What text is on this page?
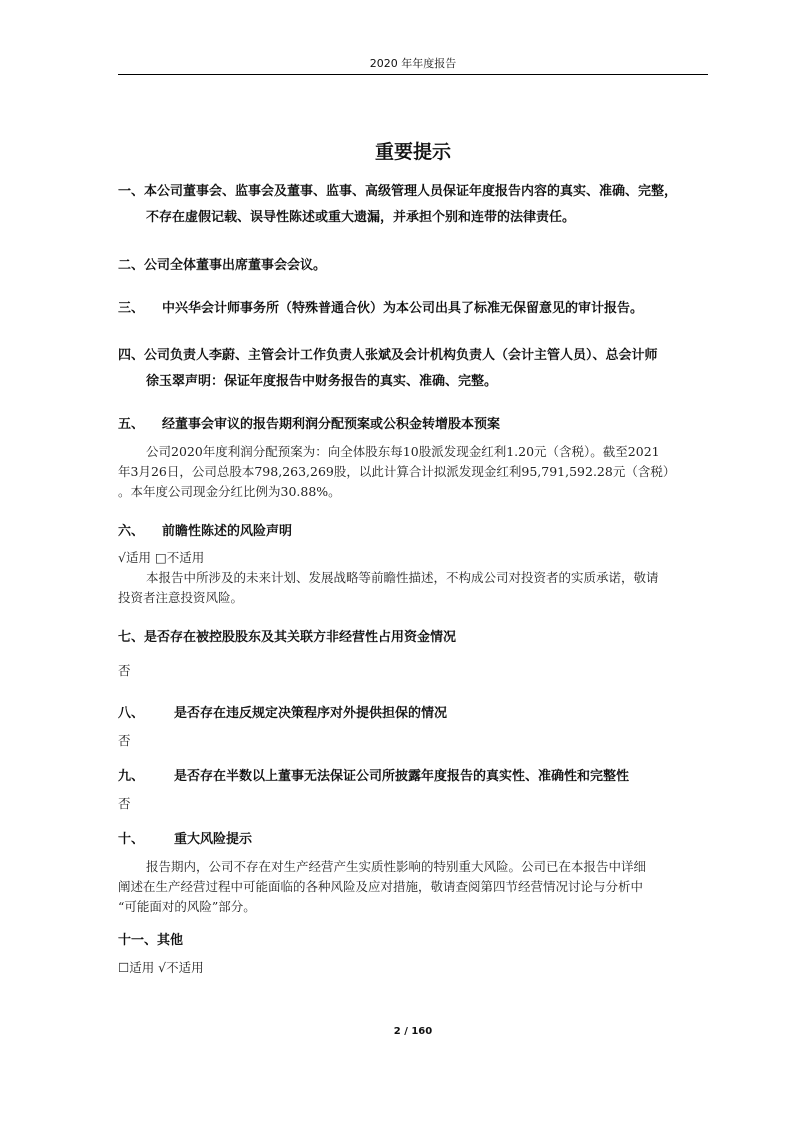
2020 年年度报告
重要提示
一、本公司董事会、监事会及董事、监事、高级管理人员保证年度报告内容的真实、准确、完整，
不存在虚假记载、误导性陈述或重大遗漏，并承担个别和连带的法律责任。
二、公司全体董事出席董事会会议。
三、 中兴华会计师事务所（特殊普通合伙）为本公司出具了标准无保留意见的审计报告。
四、公司负责人李蔚、主管会计工作负责人张斌及会计机构负责人（会计主管人员）、总会计师
徐玉翠声明：保证年度报告中财务报告的真实、准确、完整。
五、 经董事会审议的报告期利润分配预案或公积金转增股本预案
公司2020年度利润分配预案为：向全体股东每10股派发现金红利1.20元（含税）。截至2021
年3月26日，公司总股本798,263,269股，以此计算合计拟派发现金红利95,791,592.28元（含税）
。本年度公司现金分红比例为30.88%。
六、 前瞻性陈述的风险声明
√适用 □不适用
本报告中所涉及的未来计划、发展战略等前瞻性描述，不构成公司对投资者的实质承诺，敬请
投资者注意投资风险。
七、是否存在被控股股东及其关联方非经营性占用资金情况
否
八、 是否存在违反规定决策程序对外提供担保的情况
否
九、 是否存在半数以上董事无法保证公司所披露年度报告的真实性、准确性和完整性
否
十、 重大风险提示
报告期内，公司不存在对生产经营产生实质性影响的特别重大风险。公司已在本报告中详细
阐述在生产经营过程中可能面临的各种风险及应对措施，敬请查阅第四节经营情况讨论与分析中
“可能面对的风险”部分。
十一、其他
☐适用 √不适用
2 / 160
